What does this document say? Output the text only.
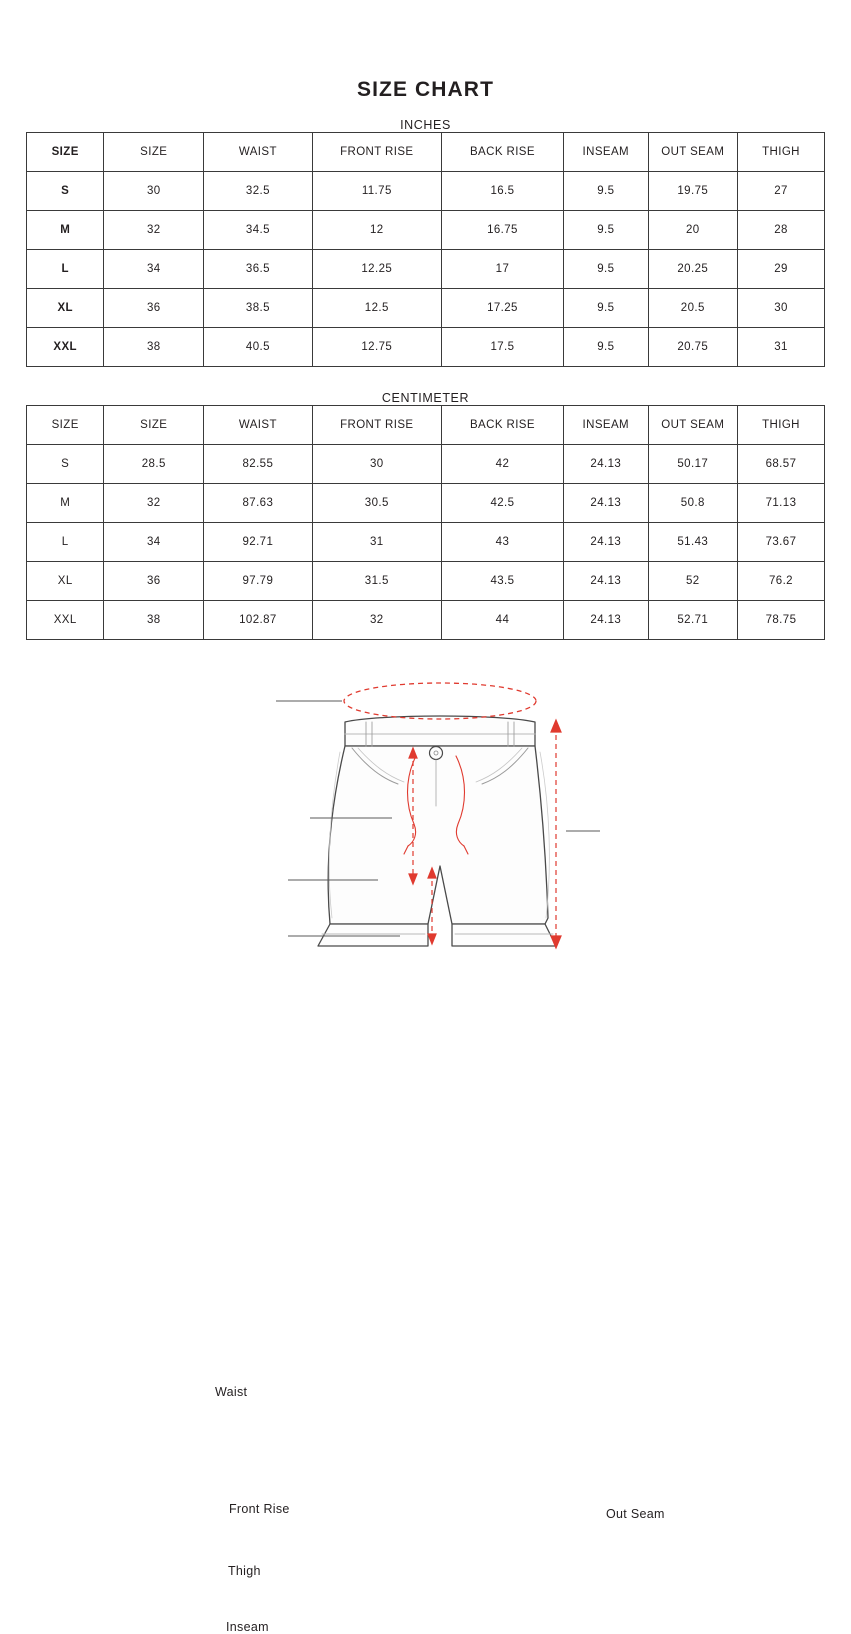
SIZE CHART

INCHES

SIZE	SIZE	WAIST	FRONT RISE	BACK RISE	INSEAM	OUT SEAM	THIGH
S	30	32.5	11.75	16.5	9.5	19.75	27
M	32	34.5	12	16.75	9.5	20	28
L	34	36.5	12.25	17	9.5	20.25	29
XL	36	38.5	12.5	17.25	9.5	20.5	30
XXL	38	40.5	12.75	17.5	9.5	20.75	31

CENTIMETER

SIZE	SIZE	WAIST	FRONT RISE	BACK RISE	INSEAM	OUT SEAM	THIGH
S	28.5	82.55	30	42	24.13	50.17	68.57
M	32	87.63	30.5	42.5	24.13	50.8	71.13
L	34	92.71	31	43	24.13	51.43	73.67
XL	36	97.79	31.5	43.5	24.13	52	76.2
XXL	38	102.87	32	44	24.13	52.71	78.75
Waist
Front Rise
Thigh
Inseam
Out Seam
